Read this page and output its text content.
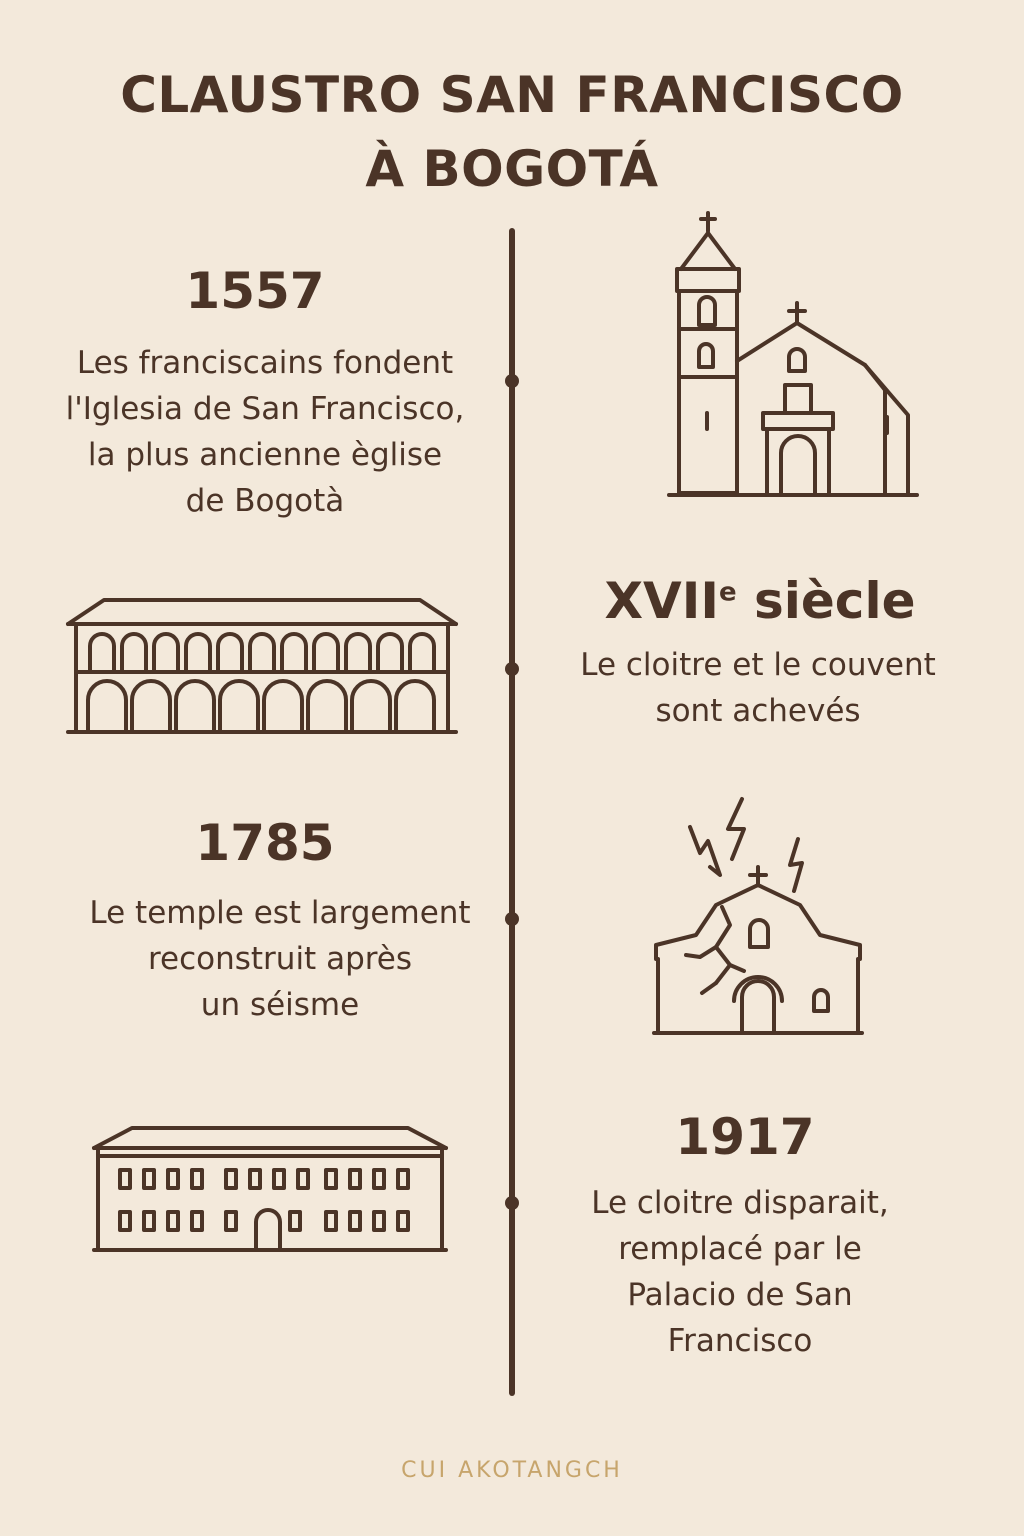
CLAUSTRO SAN FRANCISCO
À BOGOTÁ
1557
Les franciscains fondent
l'Iglesia de San Francisco,
la plus ancienne èglise
de Bogotà
XVIIe siècle
Le cloitre et le couvent
sont achevés
1785
Le temple est largement
reconstruit après
un séisme
1917
Le cloitre disparait,
remplacé par le
Palacio de San
Francisco
CUI AKOTANGCH
